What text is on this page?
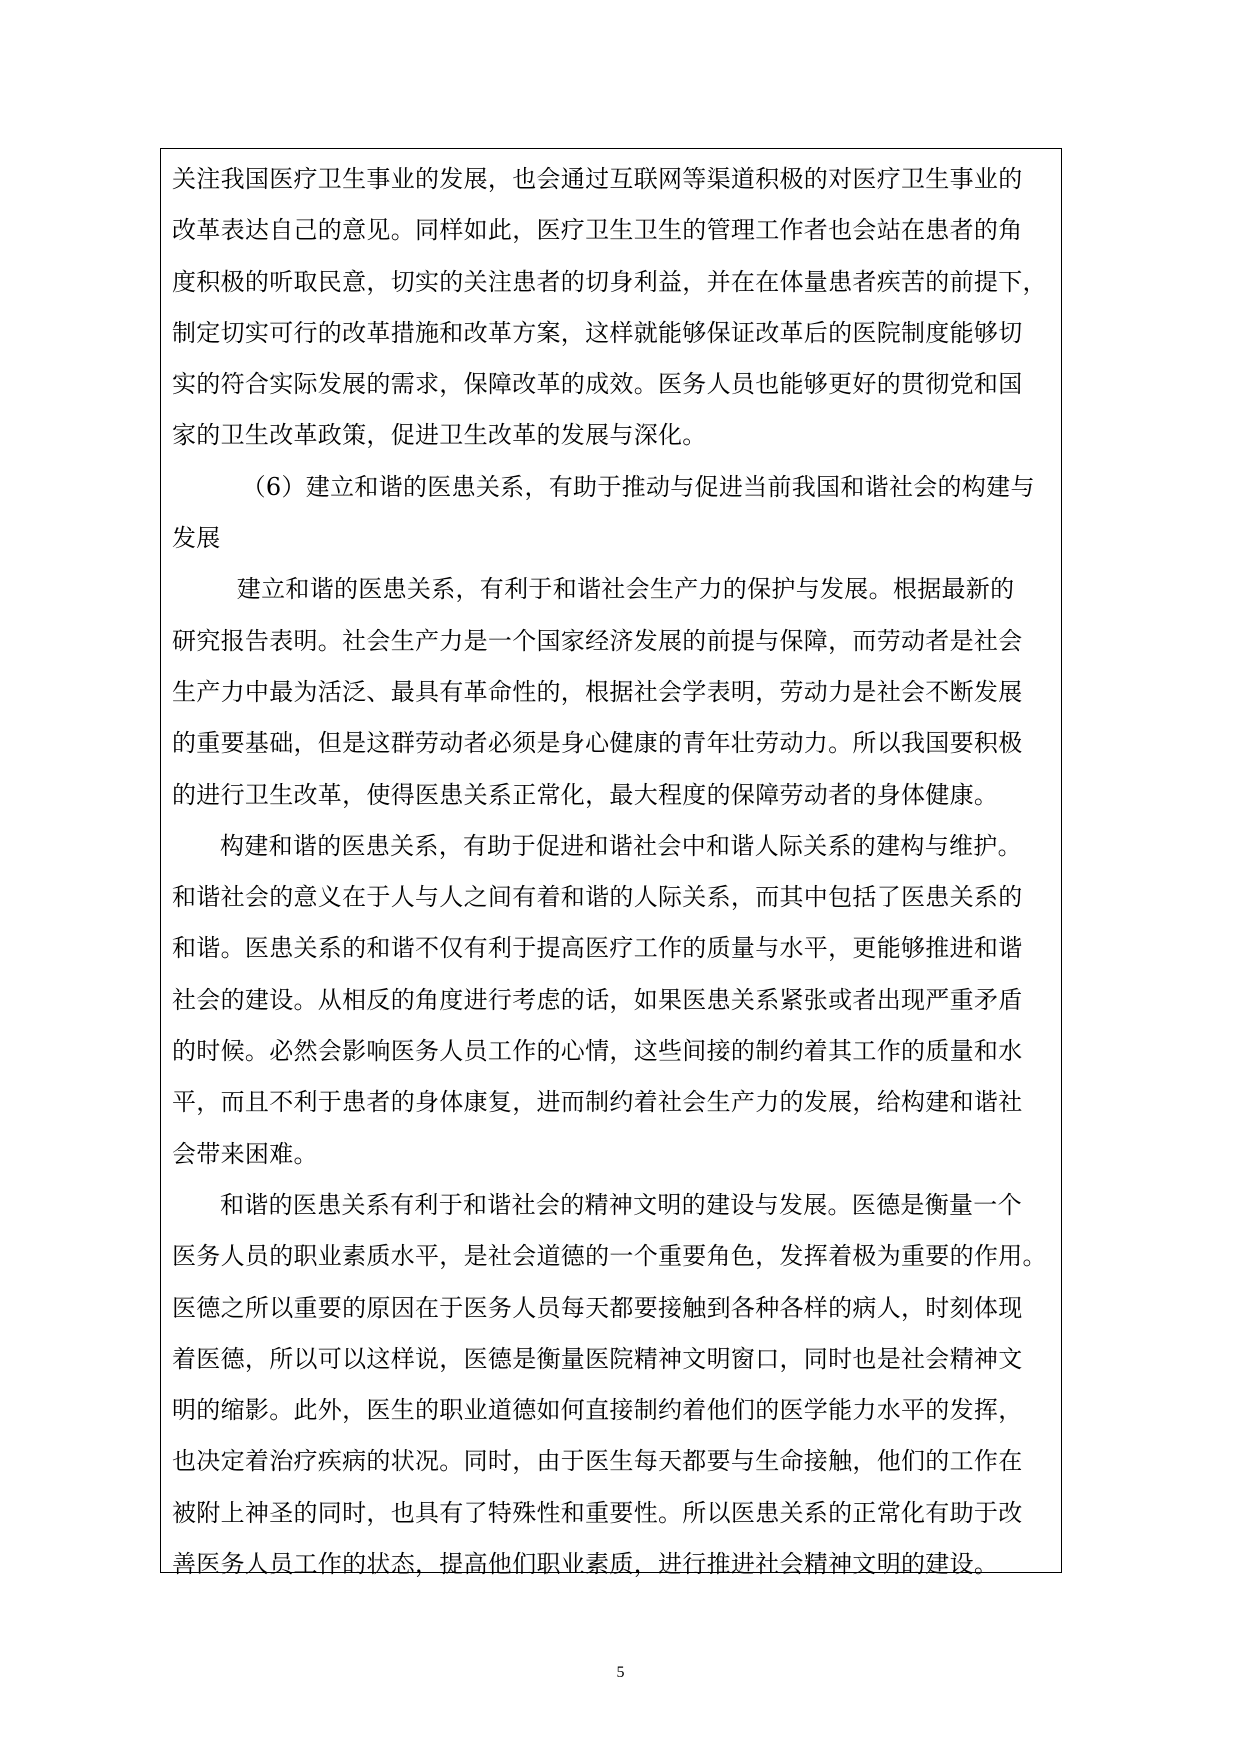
关注我国医疗卫生事业的发展，也会通过互联网等渠道积极的对医疗卫生事业的
改革表达自己的意见。同样如此，医疗卫生卫生的管理工作者也会站在患者的角
度积极的听取民意，切实的关注患者的切身利益，并在在体量患者疾苦的前提下，
制定切实可行的改革措施和改革方案，这样就能够保证改革后的医院制度能够切
实的符合实际发展的需求，保障改革的成效。医务人员也能够更好的贯彻党和国
家的卫生改革政策，促进卫生改革的发展与深化。

（6）建立和谐的医患关系，有助于推动与促进当前我国和谐社会的构建与
发展

建立和谐的医患关系，有利于和谐社会生产力的保护与发展。根据最新的
研究报告表明。社会生产力是一个国家经济发展的前提与保障，而劳动者是社会
生产力中最为活泛、最具有革命性的，根据社会学表明，劳动力是社会不断发展
的重要基础，但是这群劳动者必须是身心健康的青年壮劳动力。所以我国要积极
的进行卫生改革，使得医患关系正常化，最大程度的保障劳动者的身体健康。

构建和谐的医患关系，有助于促进和谐社会中和谐人际关系的建构与维护。
和谐社会的意义在于人与人之间有着和谐的人际关系，而其中包括了医患关系的
和谐。医患关系的和谐不仅有利于提高医疗工作的质量与水平，更能够推进和谐
社会的建设。从相反的角度进行考虑的话，如果医患关系紧张或者出现严重矛盾
的时候。必然会影响医务人员工作的心情，这些间接的制约着其工作的质量和水
平，而且不利于患者的身体康复，进而制约着社会生产力的发展，给构建和谐社
会带来困难。

和谐的医患关系有利于和谐社会的精神文明的建设与发展。医德是衡量一个
医务人员的职业素质水平，是社会道德的一个重要角色，发挥着极为重要的作用。
医德之所以重要的原因在于医务人员每天都要接触到各种各样的病人，时刻体现
着医德，所以可以这样说，医德是衡量医院精神文明窗口，同时也是社会精神文
明的缩影。此外，医生的职业道德如何直接制约着他们的医学能力水平的发挥，
也决定着治疗疾病的状况。同时，由于医生每天都要与生命接触，他们的工作在
被附上神圣的同时，也具有了特殊性和重要性。所以医患关系的正常化有助于改
善医务人员工作的状态，提高他们职业素质，进行推进社会精神文明的建设。

5
